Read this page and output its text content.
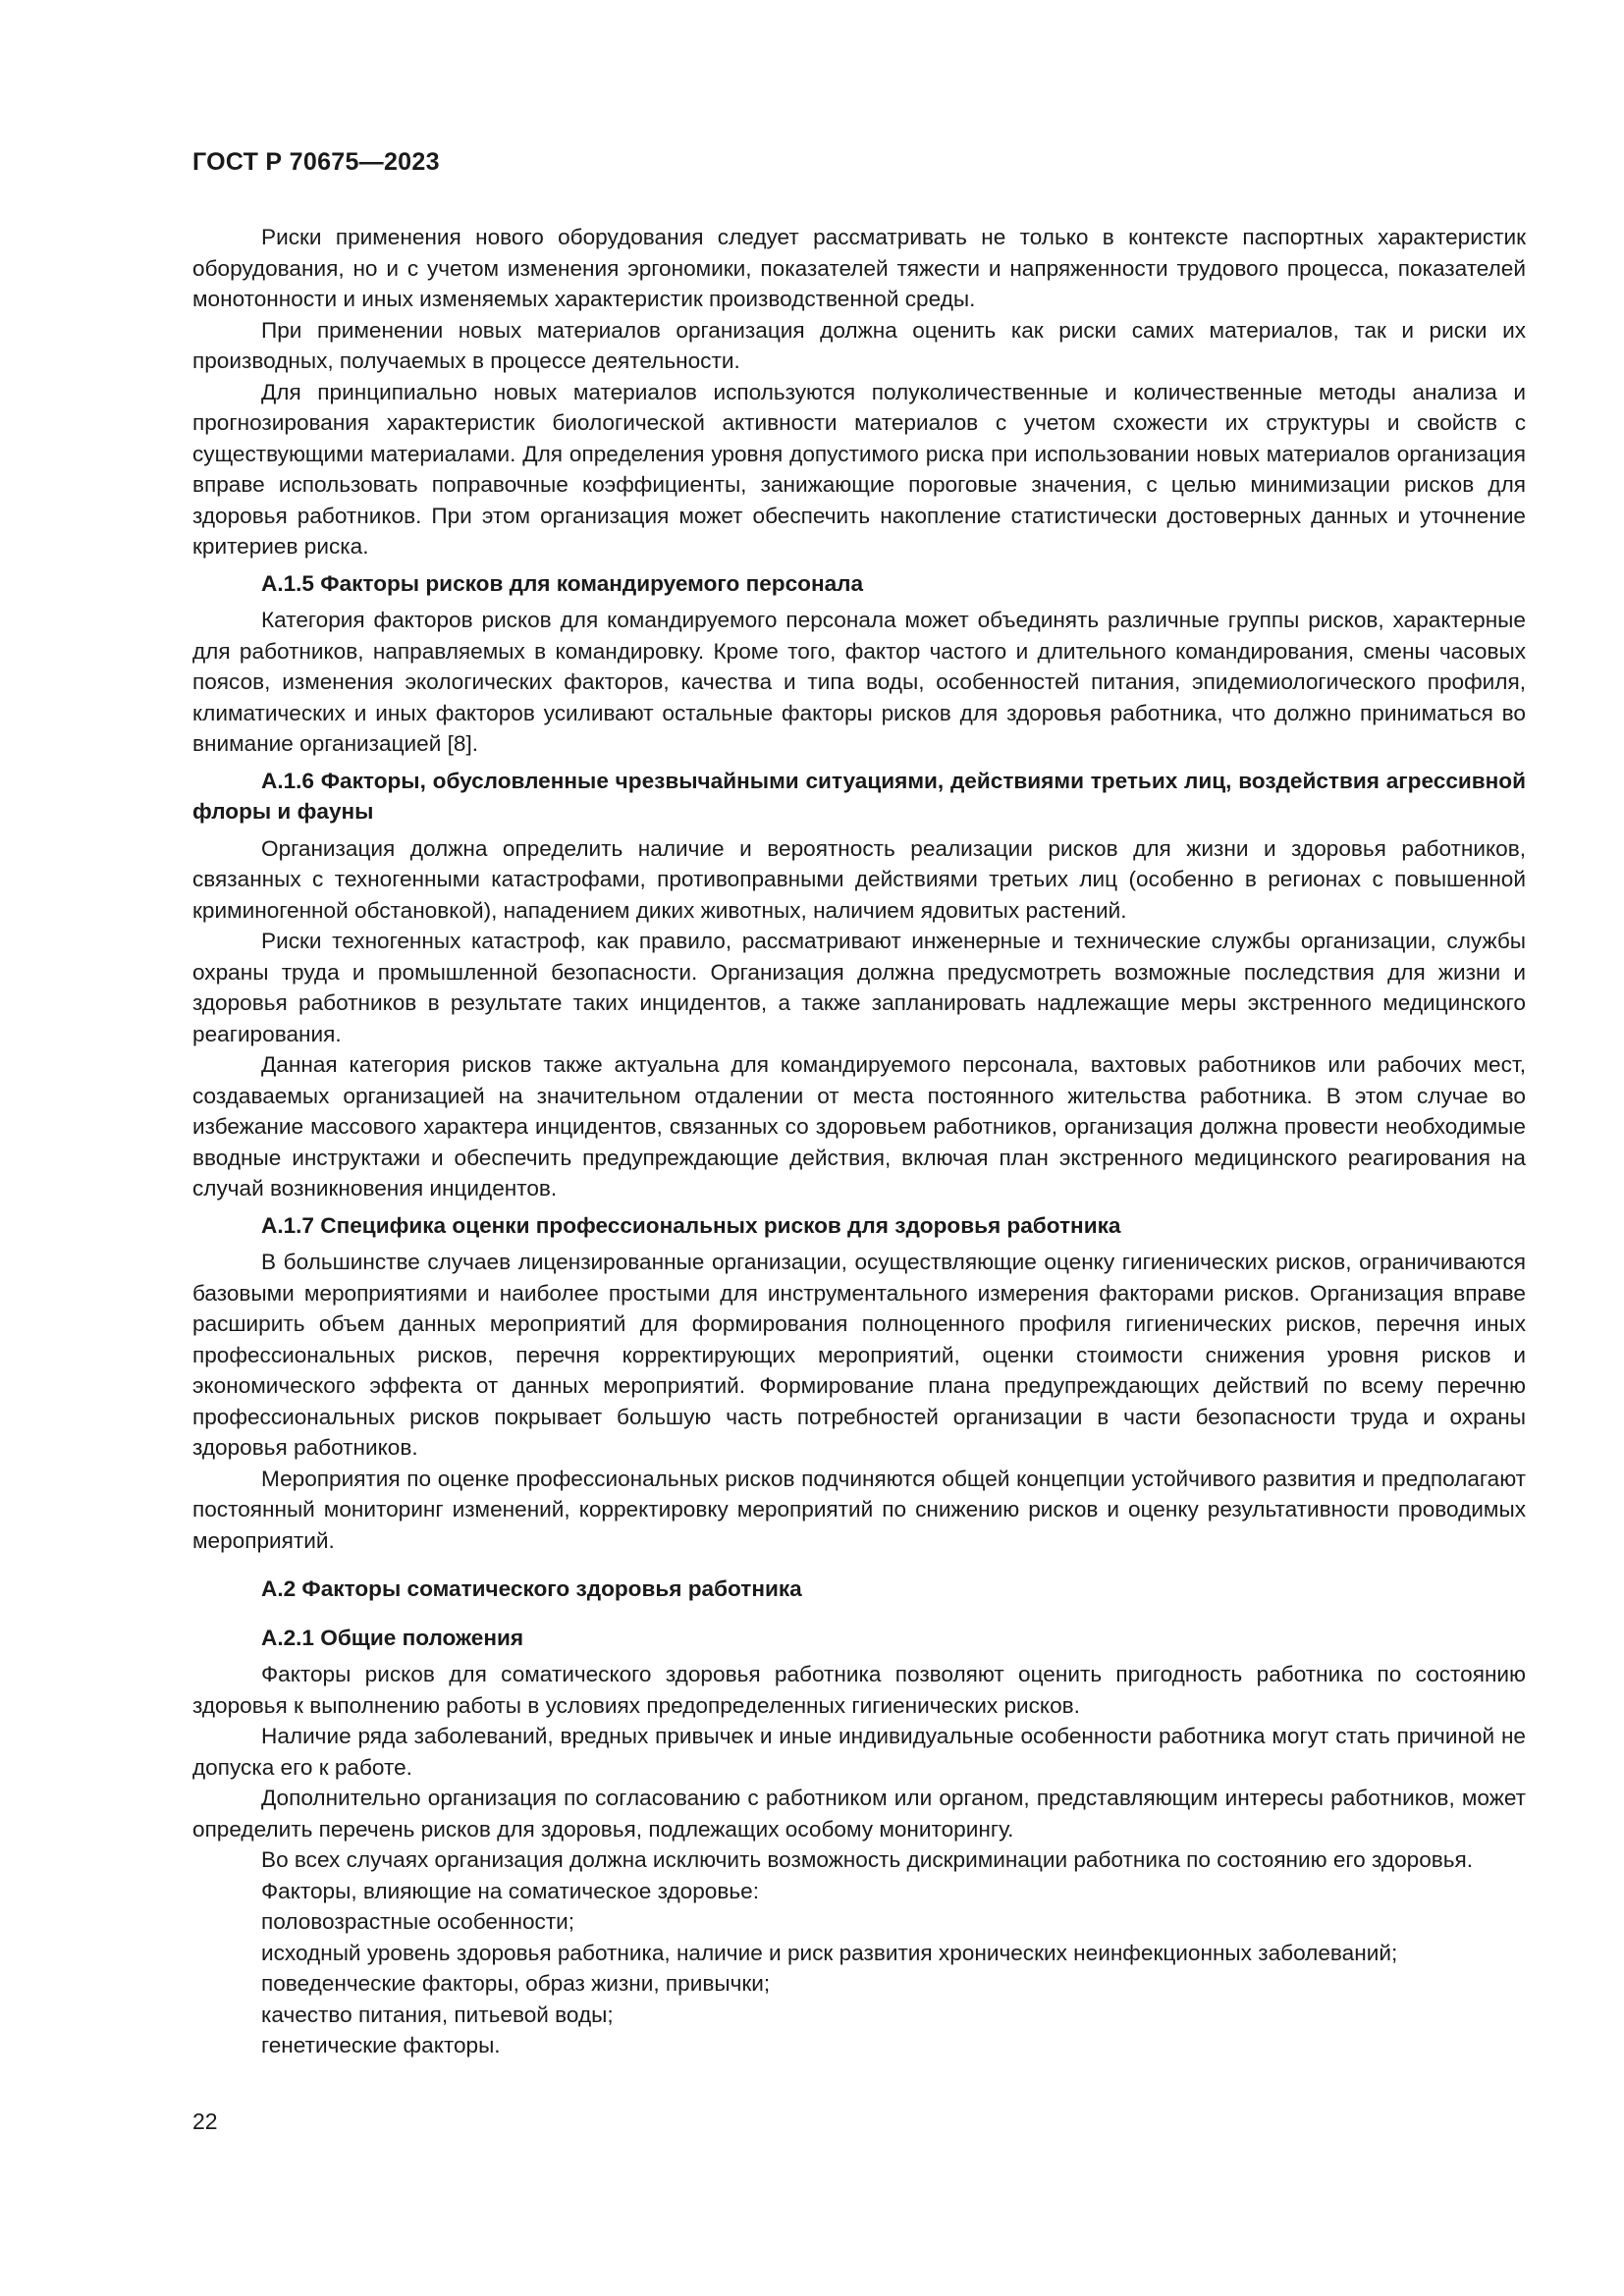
ГОСТ Р 70675—2023

Риски применения нового оборудования следует рассматривать не только в контексте паспортных характеристик оборудования, но и с учетом изменения эргономики, показателей тяжести и напряженности трудового процесса, показателей монотонности и иных изменяемых характеристик производственной среды.

При применении новых материалов организация должна оценить как риски самих материалов, так и риски их производных, получаемых в процессе деятельности.

Для принципиально новых материалов используются полуколичественные и количественные методы анализа и прогнозирования характеристик биологической активности материалов с учетом схожести их структуры и свойств с существующими материалами. Для определения уровня допустимого риска при использовании новых материалов организация вправе использовать поправочные коэффициенты, занижающие пороговые значения, с целью минимизации рисков для здоровья работников. При этом организация может обеспечить накопление статистически достоверных данных и уточнение критериев риска.

А.1.5 Факторы рисков для командируемого персонала

Категория факторов рисков для командируемого персонала может объединять различные группы рисков, характерные для работников, направляемых в командировку. Кроме того, фактор частого и длительного командирования, смены часовых поясов, изменения экологических факторов, качества и типа воды, особенностей питания, эпидемиологического профиля, климатических и иных факторов усиливают остальные факторы рисков для здоровья работника, что должно приниматься во внимание организацией [8].

А.1.6 Факторы, обусловленные чрезвычайными ситуациями, действиями третьих лиц, воздействия агрессивной флоры и фауны

Организация должна определить наличие и вероятность реализации рисков для жизни и здоровья работников, связанных с техногенными катастрофами, противоправными действиями третьих лиц (особенно в регионах с повышенной криминогенной обстановкой), нападением диких животных, наличием ядовитых растений.

Риски техногенных катастроф, как правило, рассматривают инженерные и технические службы организации, службы охраны труда и промышленной безопасности. Организация должна предусмотреть возможные последствия для жизни и здоровья работников в результате таких инцидентов, а также запланировать надлежащие меры экстренного медицинского реагирования.

Данная категория рисков также актуальна для командируемого персонала, вахтовых работников или рабочих мест, создаваемых организацией на значительном отдалении от места постоянного жительства работника. В этом случае во избежание массового характера инцидентов, связанных со здоровьем работников, организация должна провести необходимые вводные инструктажи и обеспечить предупреждающие действия, включая план экстренного медицинского реагирования на случай возникновения инцидентов.

А.1.7 Специфика оценки профессиональных рисков для здоровья работника

В большинстве случаев лицензированные организации, осуществляющие оценку гигиенических рисков, ограничиваются базовыми мероприятиями и наиболее простыми для инструментального измерения факторами рисков. Организация вправе расширить объем данных мероприятий для формирования полноценного профиля гигиенических рисков, перечня иных профессиональных рисков, перечня корректирующих мероприятий, оценки стоимости снижения уровня рисков и экономического эффекта от данных мероприятий. Формирование плана предупреждающих действий по всему перечню профессиональных рисков покрывает большую часть потребностей организации в части безопасности труда и охраны здоровья работников.

Мероприятия по оценке профессиональных рисков подчиняются общей концепции устойчивого развития и предполагают постоянный мониторинг изменений, корректировку мероприятий по снижению рисков и оценку результативности проводимых мероприятий.

А.2 Факторы соматического здоровья работника

А.2.1 Общие положения

Факторы рисков для соматического здоровья работника позволяют оценить пригодность работника по состоянию здоровья к выполнению работы в условиях предопределенных гигиенических рисков.

Наличие ряда заболеваний, вредных привычек и иные индивидуальные особенности работника могут стать причиной не допуска его к работе.

Дополнительно организация по согласованию с работником или органом, представляющим интересы работников, может определить перечень рисков для здоровья, подлежащих особому мониторингу.

Во всех случаях организация должна исключить возможность дискриминации работника по состоянию его здоровья.

Факторы, влияющие на соматическое здоровье:

половозрастные особенности;

исходный уровень здоровья работника, наличие и риск развития хронических неинфекционных заболеваний;

поведенческие факторы, образ жизни, привычки;

качество питания, питьевой воды;

генетические факторы.

22
